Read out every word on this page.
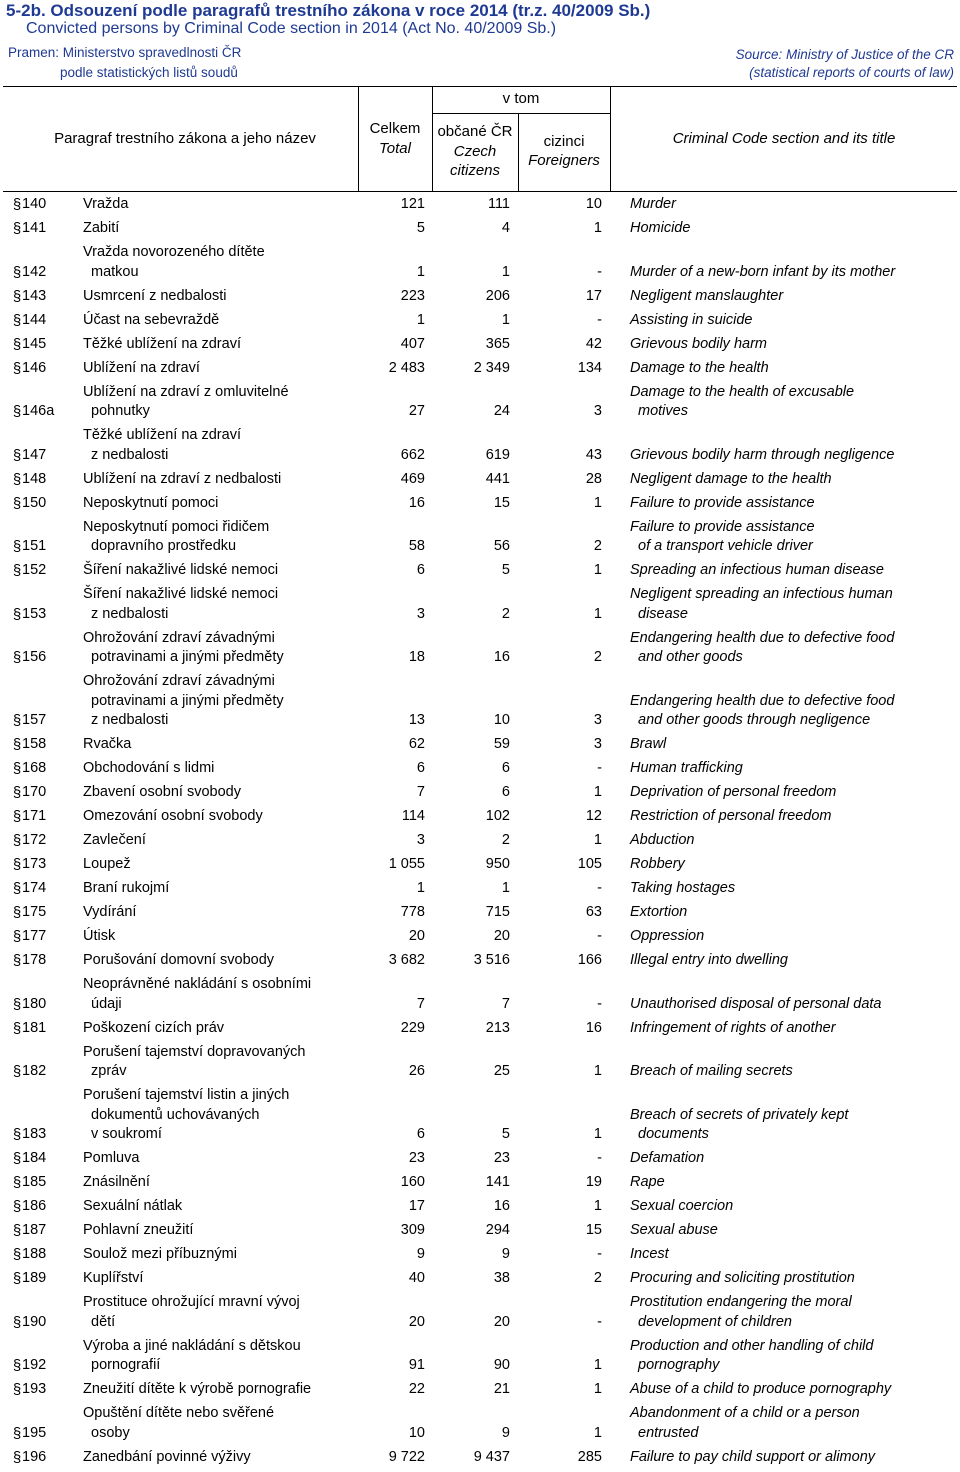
5-2b. Odsouzení podle paragrafů trestního zákona v roce 2014 (tr.z. 40/2009 Sb.)
Convicted persons by Criminal Code section in 2014 (Act No. 40/2009 Sb.)
Pramen: Ministerstvo spravedlnosti ČR
podle statistických listů soudů
Source: Ministry of Justice of the CR
(statistical reports of courts of law)
Paragraf trestního zákona a jeho název
Celkem
Total
v tom
občané ČR
Czech
citizens
cizinci
Foreigners
Criminal Code section and its title
§ 140	Vražda	121	111	10 Murder
§ 141	Zabití	5	4	1 Homicide
§ 142
Vražda novorozeného dítěte
matkou	1	1	- Murder of a new-born infant by its mother
§ 143	Usmrcení z nedbalosti	223	206	17 Negligent manslaughter
§ 144	Účast na sebevraždě	1	1	- Assisting in suicide
§ 145	Těžké ublížení na zdraví	407	365	42 Grievous bodily harm
§ 146	Ublížení na zdraví	2 483	2 349	134 Damage to the health
§ 146a
Ublížení na zdraví z omluvitelné
pohnutky	27	24	3
Damage to the health of excusable
motives
§ 147
Těžké ublížení na zdraví
z nedbalosti	662	619	43 Grievous bodily harm through negligence
§ 148	Ublížení na zdraví z nedbalosti	469	441	28 Negligent damage to the health
§ 150	Neposkytnutí pomoci	16	15	1 Failure to provide assistance
§ 151
Neposkytnutí pomoci řidičem
dopravního prostředku	58	56	2
Failure to provide assistance
of a transport vehicle driver
§ 152	Šíření nakažlivé lidské nemoci	6	5	1 Spreading an infectious human disease
§ 153
Šíření nakažlivé lidské nemoci
z nedbalosti	3	2	1
Negligent spreading an infectious human
disease
§ 156
Ohrožování zdraví závadnými
potravinami a jinými předměty	18	16	2
Endangering health due to defective food
and other goods
§ 157
Ohrožování zdraví závadnými
potravinami a jinými předměty
z nedbalosti	13	10	3
Endangering health due to defective food
and other goods through negligence
§ 158	Rvačka	62	59	3 Brawl
§ 168	Obchodování s lidmi	6	6	- Human trafficking
§ 170	Zbavení osobní svobody	7	6	1 Deprivation of personal freedom
§ 171	Omezování osobní svobody	114	102	12 Restriction of personal freedom
§ 172	Zavlečení	3	2	1 Abduction
§ 173	Loupež	1 055	950	105 Robbery
§ 174	Braní rukojmí	1	1	- Taking hostages
§ 175	Vydírání	778	715	63 Extortion
§ 177	Útisk	20	20	- Oppression
§ 178	Porušování domovní svobody	3 682	3 516	166 Illegal entry into dwelling
§ 180
Neoprávněné nakládání s osobními
údaji	7	7	- Unauthorised disposal of personal data
§ 181	Poškození cizích práv	229	213	16 Infringement of rights of another
§ 182
Porušení tajemství dopravovaných
zpráv	26	25	1 Breach of mailing secrets
§ 183
Porušení tajemství listin a jiných
dokumentů uchovávaných
v soukromí	6	5	1
Breach of secrets of privately kept
documents
§ 184	Pomluva	23	23	- Defamation
§ 185	Znásilnění	160	141	19 Rape
§ 186	Sexuální nátlak	17	16	1 Sexual coercion
§ 187	Pohlavní zneužití	309	294	15 Sexual abuse
§ 188	Soulož mezi příbuznými	9	9	- Incest
§ 189	Kuplířství	40	38	2 Procuring and soliciting prostitution
§ 190
Prostituce ohrožující mravní vývoj
dětí	20	20	-
Prostitution endangering the moral
development of children
§ 192
Výroba a jiné nakládání s dětskou
pornografií	91	90	1
Production and other handling of child
pornography
§ 193	Zneužití dítěte k výrobě pornografie	22	21	1 Abuse of a child to produce pornography
§ 195
Opuštění dítěte nebo svěřené
osoby	10	9	1
Abandonment of a child or a person
entrusted
§ 196	Zanedbání povinné výživy	9 722	9 437	285 Failure to pay child support or alimony
